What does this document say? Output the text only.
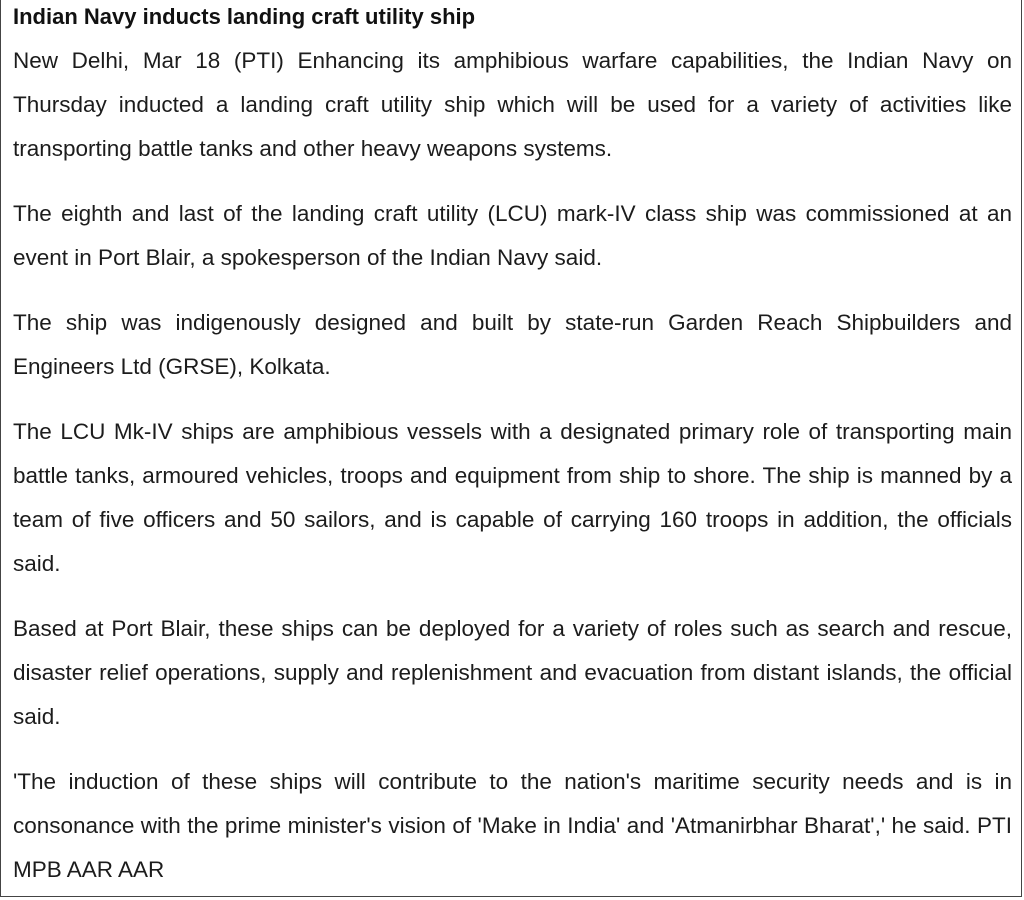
Indian Navy inducts landing craft utility ship

New Delhi, Mar 18 (PTI) Enhancing its amphibious warfare capabilities, the Indian Navy on Thursday inducted a landing craft utility ship which will be used for a variety of activities like transporting battle tanks and other heavy weapons systems.

The eighth and last of the landing craft utility (LCU) mark-IV class ship was commissioned at an event in Port Blair, a spokesperson of the Indian Navy said.

The ship was indigenously designed and built by state-run Garden Reach Shipbuilders and Engineers Ltd (GRSE), Kolkata.

The LCU Mk-IV ships are amphibious vessels with a designated primary role of transporting main battle tanks, armoured vehicles, troops and equipment from ship to shore. The ship is manned by a team of five officers and 50 sailors, and is capable of carrying 160 troops in addition, the officials said.

Based at Port Blair, these ships can be deployed for a variety of roles such as search and rescue, disaster relief operations, supply and replenishment and evacuation from distant islands, the official said.

'The induction of these ships will contribute to the nation's maritime security needs and is in consonance with the prime minister's vision of 'Make in India' and 'Atmanirbhar Bharat',' he said. PTI MPB AAR AAR
